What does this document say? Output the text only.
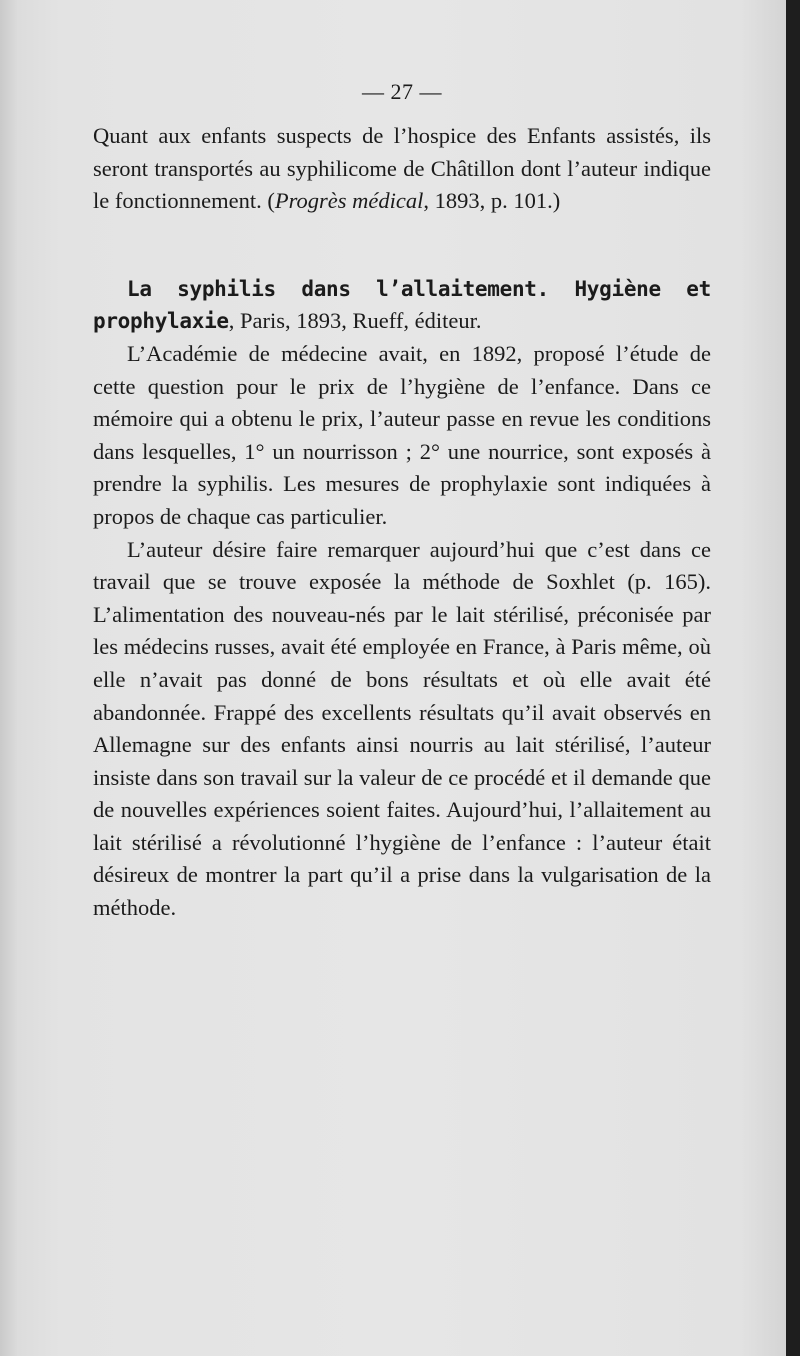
— 27 —

Quant aux enfants suspects de l’hospice des Enfants assistés, ils seront transportés au syphilicome de Châtillon dont l’auteur indique le fonctionnement. (Progrès médical, 1893, p. 101.)

La syphilis dans l’allaitement. Hygiène et prophylaxie, Paris, 1893, Rueff, éditeur.

L’Académie de médecine avait, en 1892, proposé l’étude de cette question pour le prix de l’hygiène de l’enfance. Dans ce mémoire qui a obtenu le prix, l’auteur passe en revue les conditions dans lesquelles, 1° un nourrisson ; 2° une nourrice, sont exposés à prendre la syphilis. Les mesures de prophylaxie sont indiquées à propos de chaque cas particulier.

L’auteur désire faire remarquer aujourd’hui que c’est dans ce travail que se trouve exposée la méthode de Soxhlet (p. 165). L’alimentation des nouveau-nés par le lait stérilisé, préconisée par les médecins russes, avait été employée en France, à Paris même, où elle n’avait pas donné de bons résultats et où elle avait été abandonnée. Frappé des excellents résultats qu’il avait observés en Allemagne sur des enfants ainsi nourris au lait stérilisé, l’auteur insiste dans son travail sur la valeur de ce procédé et il demande que de nouvelles expériences soient faites. Aujourd’hui, l’allaitement au lait stérilisé a révolutionné l’hygiène de l’enfance : l’auteur était désireux de montrer la part qu’il a prise dans la vulgarisation de la méthode.
